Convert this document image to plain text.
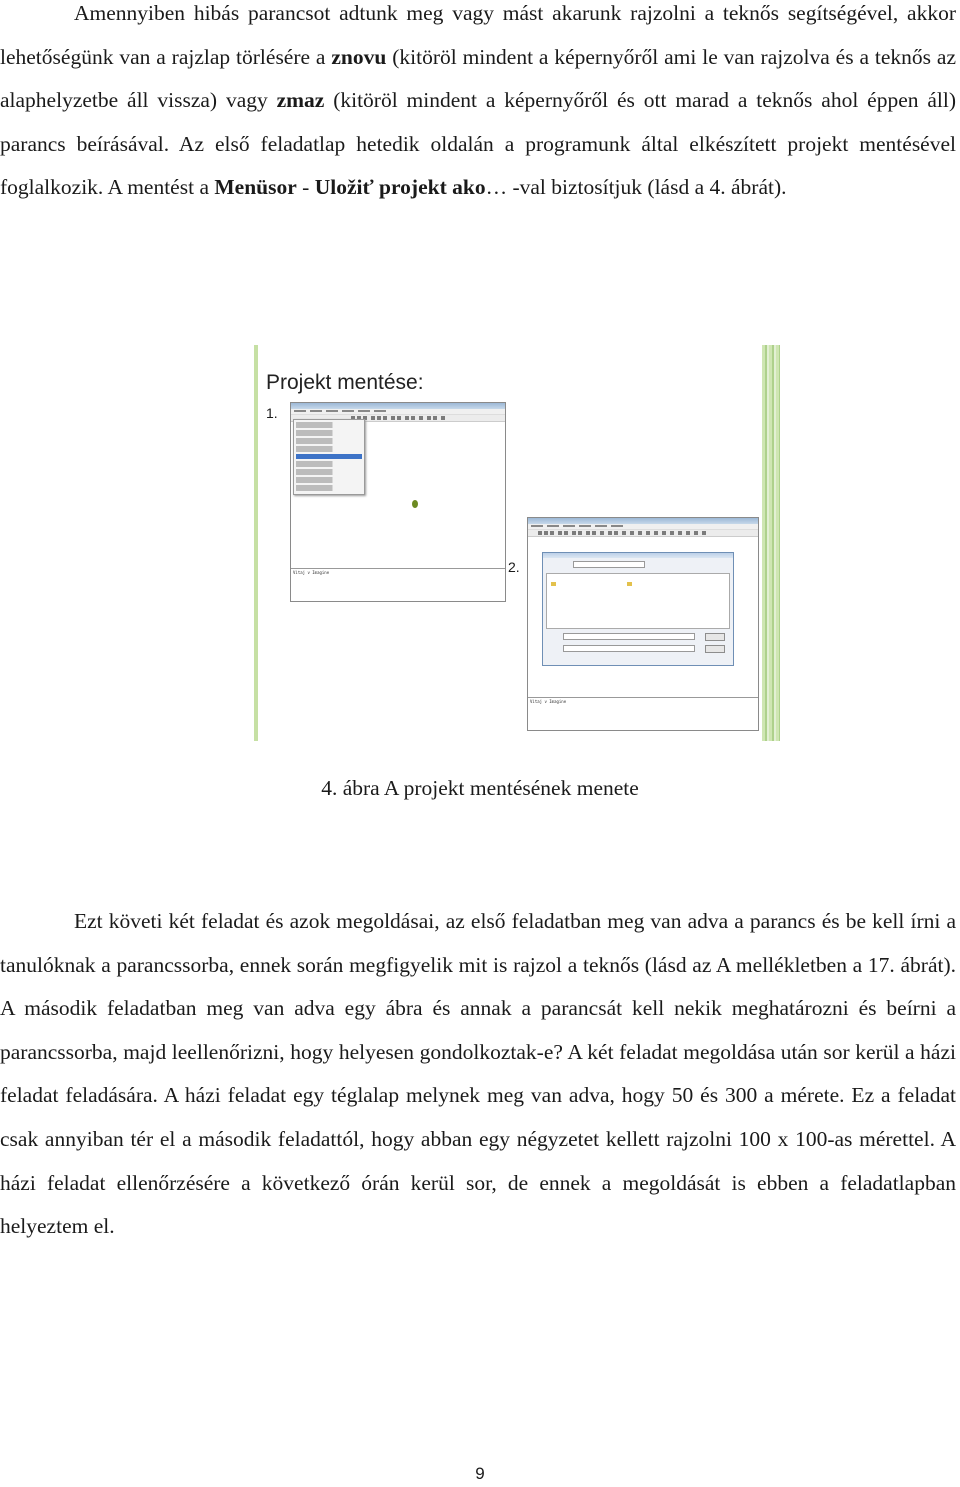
Amennyiben hibás parancsot adtunk meg vagy mást akarunk rajzolni a teknős segítségével, akkor lehetőségünk van a rajzlap törlésére a znovu (kitöröl mindent a képernyőről ami le van rajzolva és a teknős az alaphelyzetbe áll vissza) vagy zmaz (kitöröl mindent a képernyőről és ott marad a teknős ahol éppen áll) parancs beírásával. Az első feladatlap hetedik oldalán a programunk által elkészített projekt mentésével foglalkozik. A mentést a Menüsor - Uložiť projekt ako… -val biztosítjuk (lásd a 4. ábrát).

Projekt mentése:
1.
Vitaj v Imagine	2.
Vitaj v Imagine
4. ábra A projekt mentésének menete

Ezt követi két feladat és azok megoldásai, az első feladatban meg van adva a parancs és be kell írni a tanulóknak a parancssorba, ennek során megfigyelik mit is rajzol a teknős (lásd az A mellékletben a 17. ábrát). A második feladatban meg van adva egy ábra és annak a parancsát kell nekik meghatározni és beírni a parancssorba, majd leellenőrizni, hogy helyesen gondolkoztak-e? A két feladat megoldása után sor kerül a házi feladat feladására. A házi feladat egy téglalap melynek meg van adva, hogy 50 és 300 a mérete. Ez a feladat csak annyiban tér el a második feladattól, hogy abban egy négyzetet kellett rajzolni 100 x 100-as mérettel. A házi feladat ellenőrzésére a következő órán kerül sor, de ennek a megoldását is ebben a feladatlapban helyeztem el.

9
